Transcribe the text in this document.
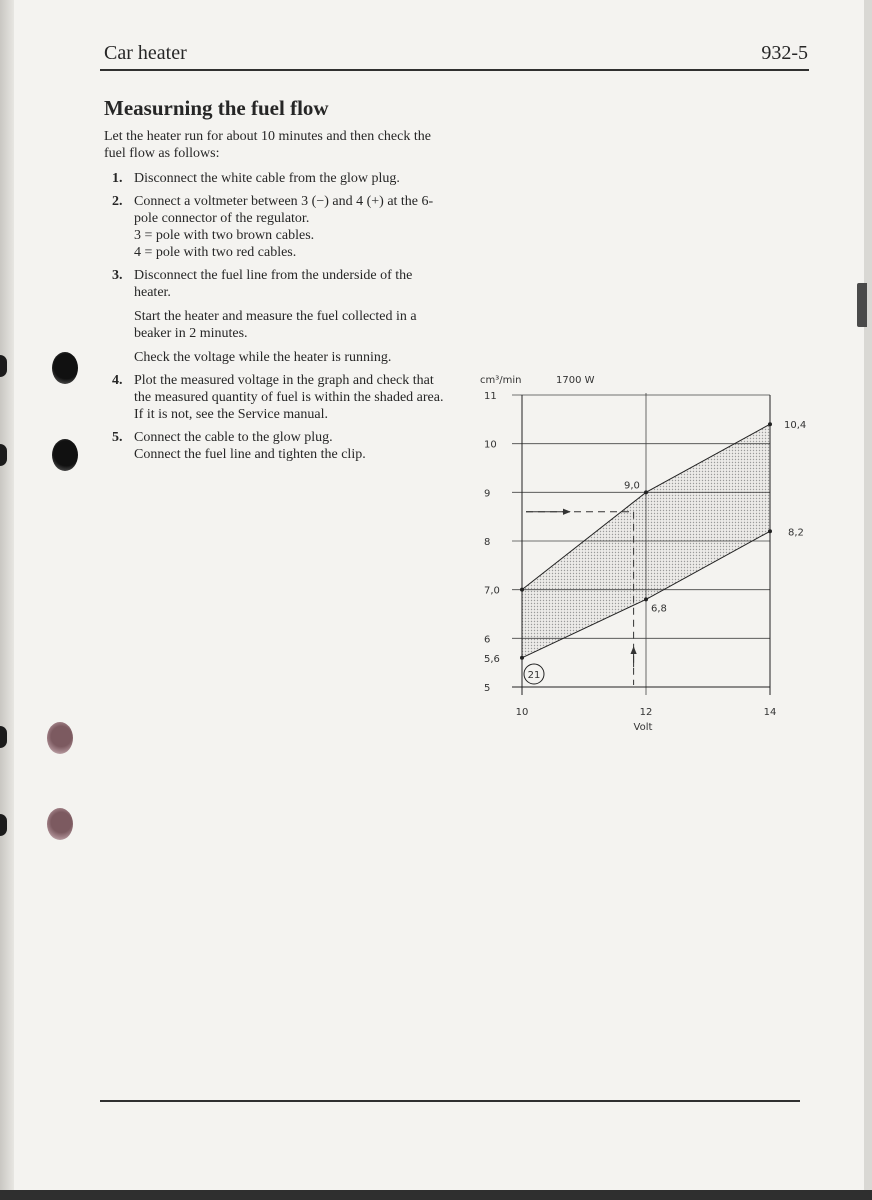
Car heater	932-5
Measurning the fuel flow

Let the heater run for about 10 minutes and then check the fuel flow as follows:

1. Disconnect the white cable from the glow plug.
2. Connect a voltmeter between 3 (−) and 4 (+) at the 6-pole connector of the regulator.
3 = pole with two brown cables.
4 = pole with two red cables.
3. Disconnect the fuel line from the underside of the heater.
Start the heater and measure the fuel collected in a beaker in 2 minutes.
Check the voltage while the heater is running.
4. Plot the measured voltage in the graph and check that the measured quantity of fuel is within the shaded area. If it is not, see the Service manual.
5. Connect the cable to the glow plug.
Connect the fuel line and tighten the clip.
5
5,6
6
7,0
8
9
10
11
10	12	14
9,0
10,4
6,8
8,2
21
cm³/min	1700 W
Volt
